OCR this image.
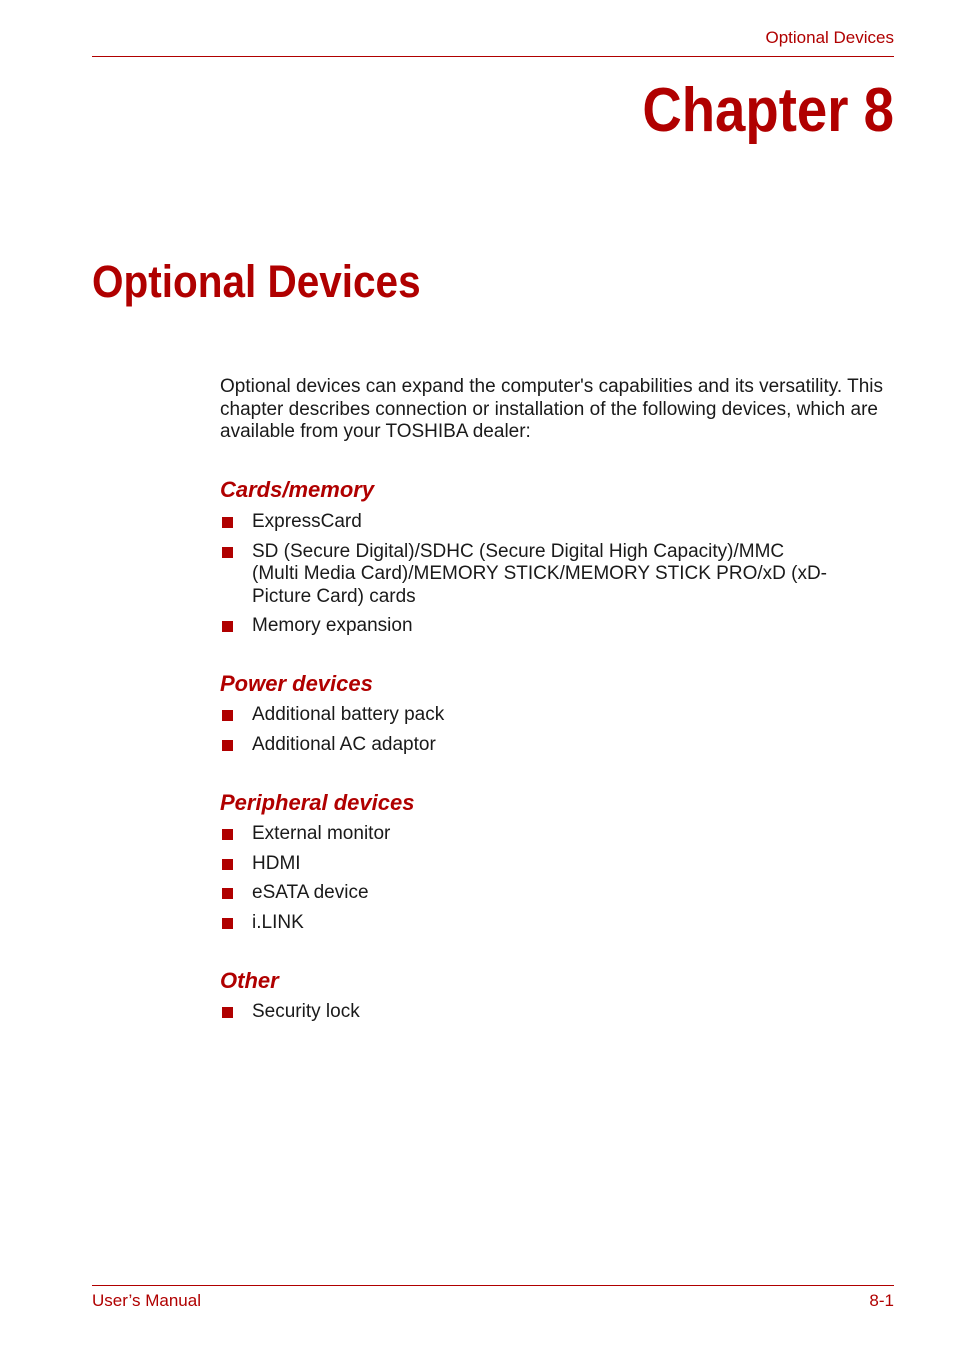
Optional Devices
Chapter 8
Optional Devices
Optional devices can expand the computer's capabilities and its versatility. This chapter describes connection or installation of the following devices, which are available from your TOSHIBA dealer:
Cards/memory
ExpressCard
SD (Secure Digital)/SDHC (Secure Digital High Capacity)/MMC (Multi Media Card)/MEMORY STICK/MEMORY STICK PRO/xD (xD-Picture Card) cards
Memory expansion
Power devices
Additional battery pack
Additional AC adaptor
Peripheral devices
External monitor
HDMI
eSATA device
i.LINK
Other
Security lock
User’s Manual	8-1
